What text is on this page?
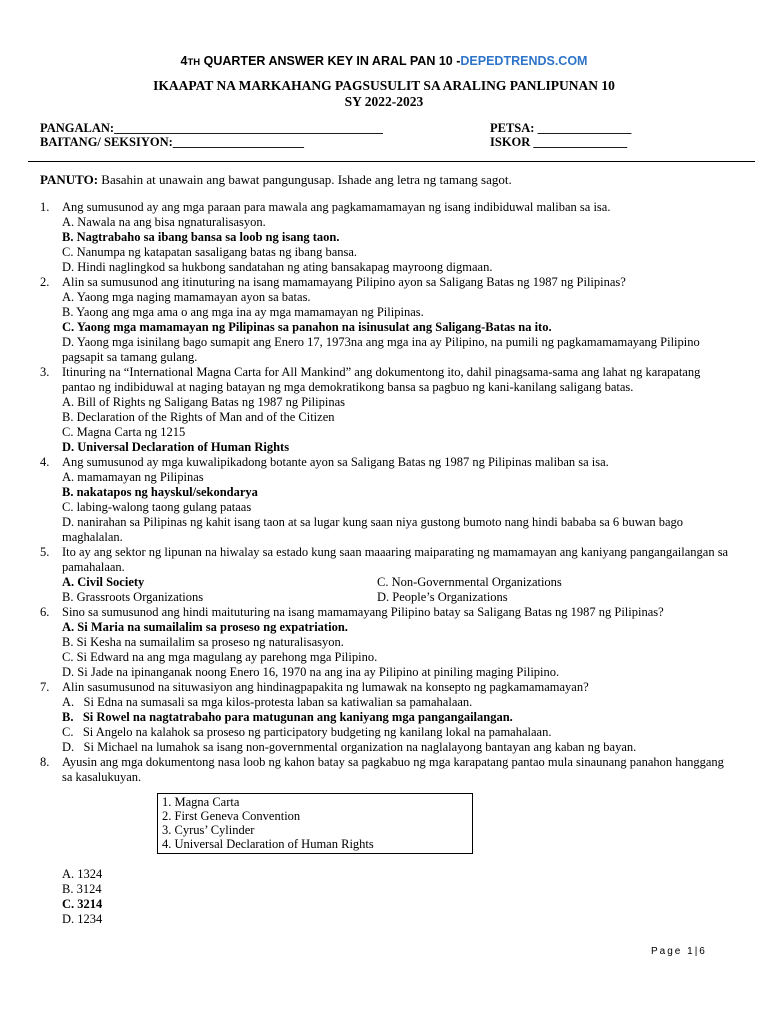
4TH QUARTER ANSWER KEY IN ARAL PAN 10 -DEPEDTRENDS.COM
IKAAPAT NA MARKAHANG PAGSUSULIT SA ARALING PANLIPUNAN 10
SY 2022-2023
PANGALAN:___________________________________________	PETSA: _______________
BAITANG/ SEKSIYON:_____________________	ISKOR _______________
PANUTO: Basahin at unawain ang bawat pangungusap. Ishade ang letra ng tamang sagot.
1. Ang sumusunod ay ang mga paraan para mawala ang pagkamamamayan ng isang indibiduwal maliban sa isa.
A. Nawala na ang bisa ngnaturalisasyon.
B. Nagtrabaho sa ibang bansa sa loob ng isang taon.
C. Nanumpa ng katapatan sasaligang batas ng ibang bansa.
D. Hindi naglingkod sa hukbong sandatahan ng ating bansakapag mayroong digmaan.
2. Alin sa sumusunod ang itinuturing na isang mamamayang Pilipino ayon sa Saligang Batas ng 1987 ng Pilipinas?
A. Yaong mga naging mamamayan ayon sa batas.
B. Yaong ang mga ama o ang mga ina ay mga mamamayan ng Pilipinas.
C. Yaong mga mamamayan ng Pilipinas sa panahon na isinusulat ang Saligang-Batas na ito.
D. Yaong mga isinilang bago sumapit ang Enero 17, 1973na ang mga ina ay Pilipino, na pumili ng pagkamamamayang Pilipino pagsapit sa tamang gulang.
3. Itinuring na “International Magna Carta for All Mankind” ang dokumentong ito, dahil pinagsama-sama ang lahat ng karapatang pantao ng indibiduwal at naging batayan ng mga demokratikong bansa sa pagbuo ng kani-kanilang saligang batas.
A. Bill of Rights ng Saligang Batas ng 1987 ng Pilipinas
B. Declaration of the Rights of Man and of the Citizen
C. Magna Carta ng 1215
D. Universal Declaration of Human Rights
4. Ang sumusunod ay mga kuwalipikadong botante ayon sa Saligang Batas ng 1987 ng Pilipinas maliban sa isa.
A. mamamayan ng Pilipinas
B. nakatapos ng hayskul/sekondarya
C. labing-walong taong gulang pataas
D. nanirahan sa Pilipinas ng kahit isang taon at sa lugar kung saan niya gustong bumoto nang hindi bababa sa 6 buwan bago maghalalan.
5. Ito ay ang sektor ng lipunan na hiwalay sa estado kung saan maaaring maiparating ng mamamayan ang kaniyang pangangailangan sa pamahalaan.
A. Civil Society	C. Non-Governmental Organizations
B. Grassroots Organizations	D. People’s Organizations
6. Sino sa sumusunod ang hindi maituturing na isang mamamayang Pilipino batay sa Saligang Batas ng 1987 ng Pilipinas?
A. Si Maria na sumailalim sa proseso ng expatriation.
B. Si Kesha na sumailalim sa proseso ng naturalisasyon.
C. Si Edward na ang mga magulang ay parehong mga Pilipino.
D. Si Jade na ipinanganak noong Enero 16, 1970 na ang ina ay Pilipino at piniling maging Pilipino.
7. Alin sasumusunod na situwasiyon ang hindinagpapakita ng lumawak na konsepto ng pagkamamamayan?
A.   Si Edna na sumasali sa mga kilos-protesta laban sa katiwalian sa pamahalaan.
B.   Si Rowel na nagtatrabaho para matugunan ang kaniyang mga pangangailangan.
C.   Si Angelo na kalahok sa proseso ng participatory budgeting ng kanilang lokal na pamahalaan.
D.   Si Michael na lumahok sa isang non-governmental organization na naglalayong bantayan ang kaban ng bayan.
8. Ayusin ang mga dokumentong nasa loob ng kahon batay sa pagkabuo ng mga karapatang pantao mula sinaunang panahon hanggang sa kasalukuyan.
1. Magna Carta
2. First Geneva Convention
3. Cyrus’ Cylinder
4. Universal Declaration of Human Rights
A. 1324
B. 3124
C. 3214
D. 1234
Page 1|6
